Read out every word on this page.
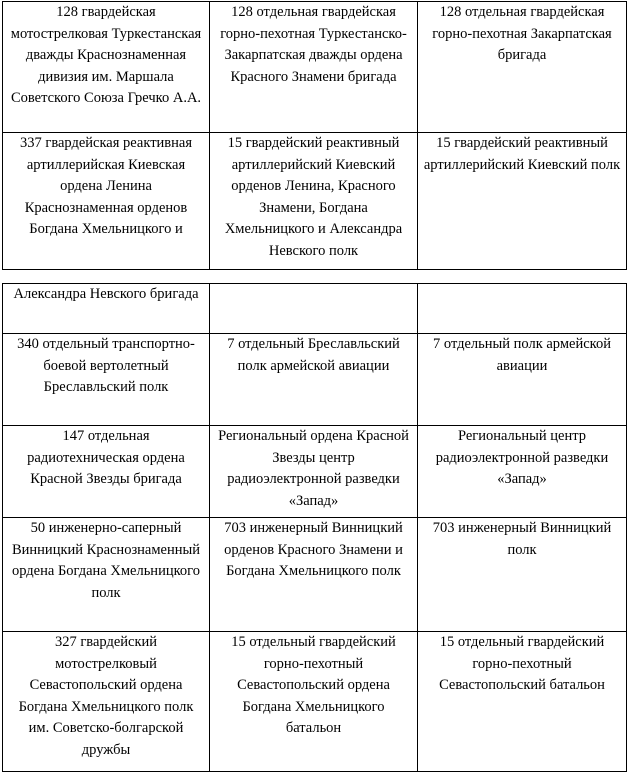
128 гвардейская мотострелковая Туркестанская дважды Краснознаменная дивизия им. Маршала Советского Союза Гречко А.А.	128 отдельная гвардейская горно-пехотная Туркестанско-Закарпатская дважды ордена Красного Знамени бригада	128 отдельная гвардейская горно-пехотная Закарпатская бригада
337 гвардейская реактивная артиллерийская Киевская ордена Ленина Краснознаменная орденов Богдана Хмельницкого и	15 гвардейский реактивный артиллерийский Киевский орденов Ленина, Красного Знамени, Богдана Хмельницкого и Александра Невского полк	15 гвардейский реактивный артиллерийский Киевский полк
Александра Невского бригада		
340 отдельный транспортно-боевой вертолетный Бреславльский полк	7 отдельный Бреславльский полк армейской авиации	7 отдельный полк армейской авиации
147 отдельная радиотехническая ордена Красной Звезды бригада	Региональный ордена Красной Звезды центр радиоэлектронной разведки «Запад»	Региональный центр радиоэлектронной разведки «Запад»
50 инженерно-саперный Винницкий Краснознаменный ордена Богдана Хмельницкого полк	703 инженерный Винницкий орденов Красного Знамени и Богдана Хмельницкого полк	703 инженерный Винницкий полк
327 гвардейский мотострелковый Севастопольский ордена Богдана Хмельницкого полк им. Советско-болгарской дружбы	15 отдельный гвардейский горно-пехотный Севастопольский ордена Богдана Хмельницкого батальон	15 отдельный гвардейский горно-пехотный Севастопольский батальон
